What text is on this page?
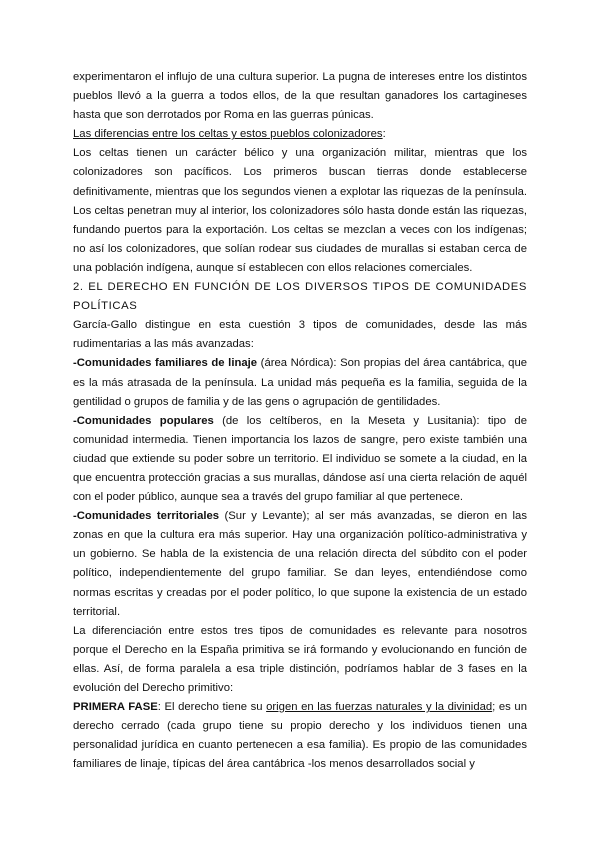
experimentaron el influjo de una cultura superior. La pugna de intereses entre los distintos pueblos llevó a la guerra a todos ellos, de la que resultan ganadores los cartagineses hasta que son derrotados por Roma en las guerras púnicas.

Las diferencias entre los celtas y estos pueblos colonizadores:

Los celtas tienen un carácter bélico y una organización militar, mientras que los colonizadores son pacíficos. Los primeros buscan tierras donde establecerse definitivamente, mientras que los segundos vienen a explotar las riquezas de la península. Los celtas penetran muy al interior, los colonizadores sólo hasta donde están las riquezas, fundando puertos para la exportación. Los celtas se mezclan a veces con los indígenas; no así los colonizadores, que solían rodear sus ciudades de murallas si estaban cerca de una población indígena, aunque sí establecen con ellos relaciones comerciales.

2. EL DERECHO EN FUNCIÓN DE LOS DIVERSOS TIPOS DE COMUNIDADES POLÍTICAS

García-Gallo distingue en esta cuestión 3 tipos de comunidades, desde las más rudimentarias a las más avanzadas:

-Comunidades familiares de linaje (área Nórdica): Son propias del área cantábrica, que es la más atrasada de la península. La unidad más pequeña es la familia, seguida de la gentilidad o grupos de familia y de las gens o agrupación de gentilidades.

-Comunidades populares (de los celtíberos, en la Meseta y Lusitania): tipo de comunidad intermedia. Tienen importancia los lazos de sangre, pero existe también una ciudad que extiende su poder sobre un territorio. El individuo se somete a la ciudad, en la que encuentra protección gracias a sus murallas, dándose así una cierta relación de aquél con el poder público, aunque sea a través del grupo familiar al que pertenece.

-Comunidades territoriales (Sur y Levante); al ser más avanzadas, se dieron en las zonas en que la cultura era más superior. Hay una organización político-administrativa y un gobierno. Se habla de la existencia de una relación directa del súbdito con el poder político, independientemente del grupo familiar. Se dan leyes, entendiéndose como normas escritas y creadas por el poder político, lo que supone la existencia de un estado territorial.

La diferenciación entre estos tres tipos de comunidades es relevante para nosotros porque el Derecho en la España primitiva se irá formando y evolucionando en función de ellas. Así, de forma paralela a esa triple distinción, podríamos hablar de 3 fases en la evolución del Derecho primitivo:

PRIMERA FASE: El derecho tiene su origen en las fuerzas naturales y la divinidad; es un derecho cerrado (cada grupo tiene su propio derecho y los individuos tienen una personalidad jurídica en cuanto pertenecen a esa familia). Es propio de las comunidades familiares de linaje, típicas del área cantábrica -los menos desarrollados social y
